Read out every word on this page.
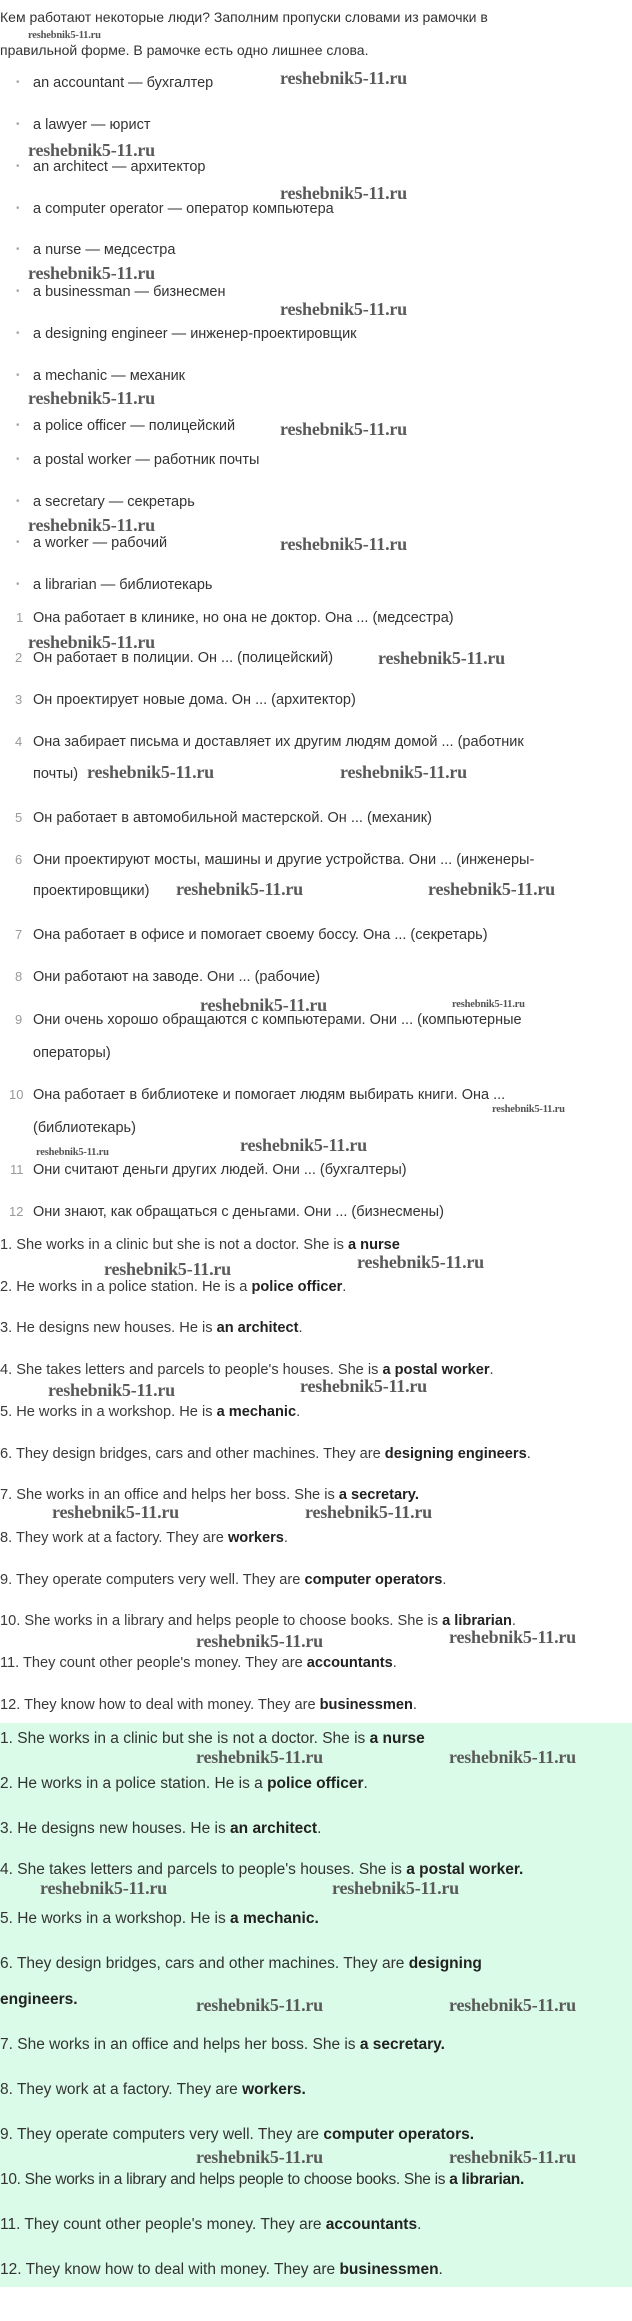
Кем работают некоторые люди? Заполним пропуски словами из рамочки в
reshebnik5-11.ru
правильной форме. В рамочке есть одно лишнее слова.
• an accountant — бухгалтер	reshebnik5-11.ru
• a lawyer — юрист
reshebnik5-11.ru
• an architect — архитектор
reshebnik5-11.ru
• a computer operator — оператор компьютера
• a nurse — медсестра
reshebnik5-11.ru
• a businessman — бизнесмен
reshebnik5-11.ru
• a designing engineer — инженер-проектировщик
• a mechanic — механик
reshebnik5-11.ru
• a police officer — полицейский reshebnik5-11.ru
• a postal worker — работник почты
• a secretary — секретарь
reshebnik5-11.ru
• a worker — рабочий	reshebnik5-11.ru
• a librarian — библиотекарь
1 Она работает в клинике, но она не доктор. Она ... (медсестра)
reshebnik5-11.ru
2 Он работает в полиции. Он ... (полицейский) reshebnik5-11.ru
3 Он проектирует новые дома. Он ... (архитектор)
4 Она забирает письма и доставляет их другим людям домой ... (работник
почты) reshebnik5-11.ru	reshebnik5-11.ru
5 Он работает в автомобильной мастерской. Он ... (механик)
6 Они проектируют мосты, машины и другие устройства. Они ... (инженеры-
проектировщики) reshebnik5-11.ru	reshebnik5-11.ru
7 Она работает в офисе и помогает своему боссу. Она ... (секретарь)
8 Они работают на заводе. Они ... (рабочие)
reshebnik5-11.ru	reshebnik5-11.ru
9 Они очень хорошо обращаются с компьютерами. Они ... (компьютерные
операторы)
10 Она работает в библиотеке и помогает людям выбирать книги. Она ...
reshebnik5-11.ru
(библиотекарь)
reshebnik5-11.ru	reshebnik5-11.ru
11 Они считают деньги других людей. Они ... (бухгалтеры)
12 Они знают, как обращаться с деньгами. Они ... (бизнесмены)
1. She works in a clinic but she is not a doctor. She is a nurse
reshebnik5-11.ru	reshebnik5-11.ru
2. He works in a police station. He is a police officer.
3. He designs new houses. He is an architect.
4. She takes letters and parcels to people's houses. She is a postal worker.
reshebnik5-11.ru	reshebnik5-11.ru
5. He works in a workshop. He is a mechanic.
6. They design bridges, cars and other machines. They are designing engineers.
7. She works in an office and helps her boss. She is a secretary.
reshebnik5-11.ru	reshebnik5-11.ru
8. They work at a factory. They are workers.
9. They operate computers very well. They are computer operators.
10. She works in a library and helps people to choose books. She is a librarian.
reshebnik5-11.ru	reshebnik5-11.ru
11. They count other people's money. They are accountants.
12. They know how to deal with money. They are businessmen.
1. She works in a clinic but she is not a doctor. She is a nurse
reshebnik5-11.ru	reshebnik5-11.ru
2. He works in a police station. He is a police officer.
3. He designs new houses. He is an architect.
4. She takes letters and parcels to people's houses. She is a postal worker.
reshebnik5-11.ru	reshebnik5-11.ru
5. He works in a workshop. He is a mechanic.
6. They design bridges, cars and other machines. They are designing
engineers.	reshebnik5-11.ru	reshebnik5-11.ru
7. She works in an office and helps her boss. She is a secretary.
8. They work at a factory. They are workers.
9. They operate computers very well. They are computer operators.
reshebnik5-11.ru	reshebnik5-11.ru
10. She works in a library and helps people to choose books. She is a librarian.
11. They count other people's money. They are accountants.
12. They know how to deal with money. They are businessmen.
